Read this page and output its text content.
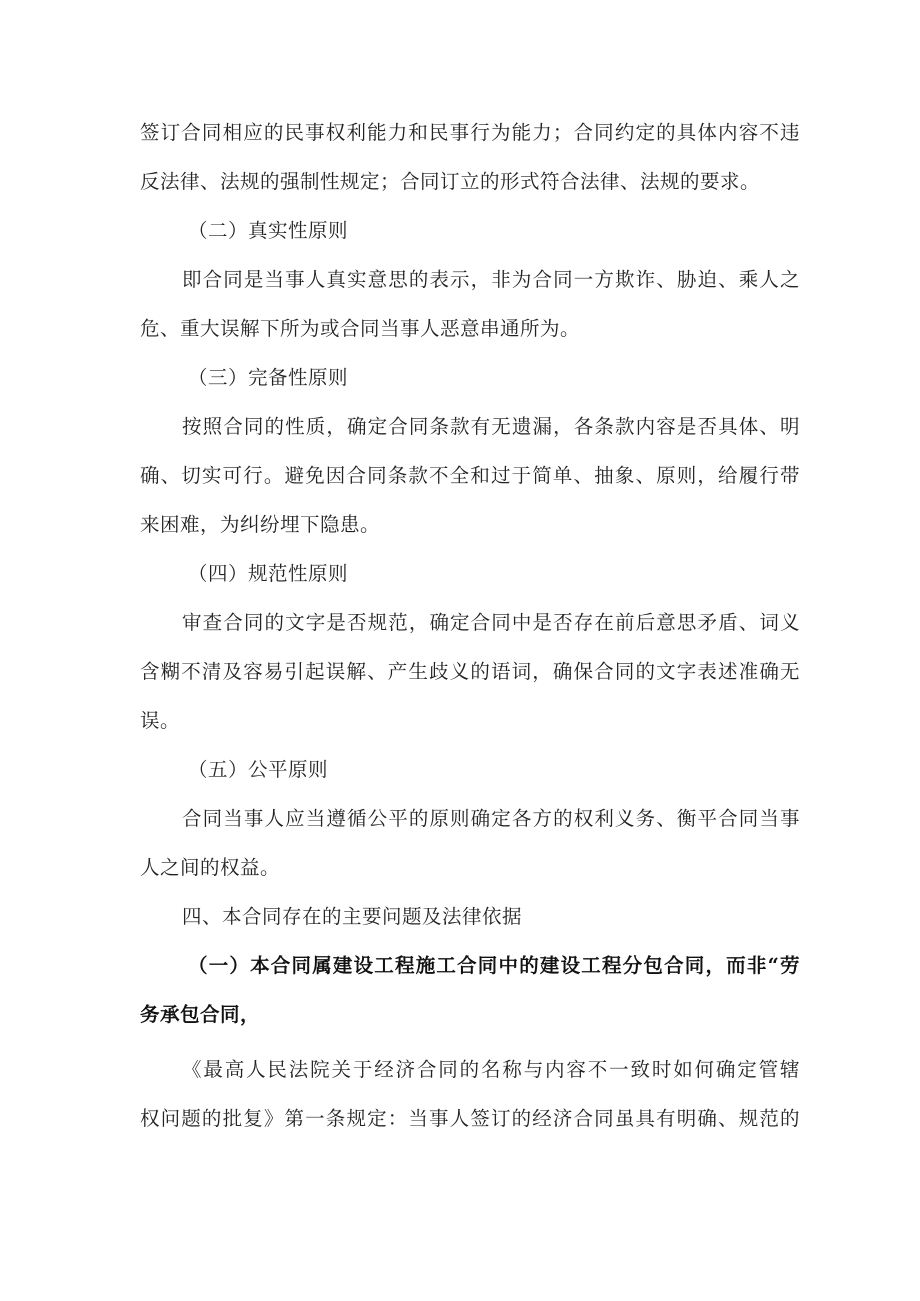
签订合同相应的民事权利能力和民事行为能力；合同约定的具体内容不违
反法律、法规的强制性规定；合同订立的形式符合法律、法规的要求。
（二）真实性原则
即合同是当事人真实意思的表示，非为合同一方欺诈、胁迫、乘人之
危、重大误解下所为或合同当事人恶意串通所为。
（三）完备性原则
按照合同的性质，确定合同条款有无遗漏，各条款内容是否具体、明
确、切实可行。避免因合同条款不全和过于简单、抽象、原则，给履行带
来困难，为纠纷埋下隐患。
（四）规范性原则
审查合同的文字是否规范，确定合同中是否存在前后意思矛盾、词义
含糊不清及容易引起误解、产生歧义的语词，确保合同的文字表述准确无
误。
（五）公平原则
合同当事人应当遵循公平的原则确定各方的权利义务、衡平合同当事
人之间的权益。
四、本合同存在的主要问题及法律依据
（一）本合同属建设工程施工合同中的建设工程分包合同，而非“劳
务承包合同，
《最高人民法院关于经济合同的名称与内容不一致时如何确定管辖
权问题的批复》第一条规定：当事人签订的经济合同虽具有明确、规范的
